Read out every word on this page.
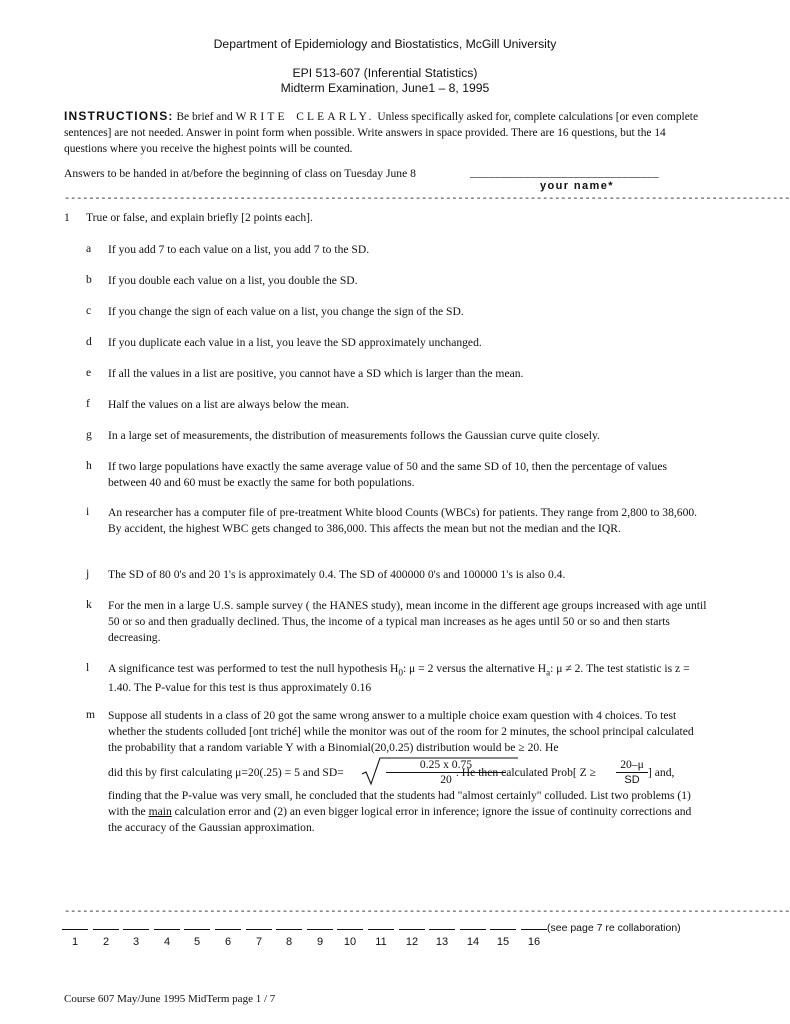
Department of Epidemiology and Biostatistics, McGill University
EPI 513-607 (Inferential Statistics)
Midterm Examination, June1 – 8, 1995
INSTRUCTIONS: Be brief and WRITE CLEARLY. Unless specifically asked for, complete calculations [or even complete sentences] are not needed. Answer in point form when possible. Write answers in space provided. There are 16 questions, but the 14 questions where you receive the highest points will be counted.
Answers to be handed in at/before the beginning of class on Tuesday June 8	_______________________________
your name*
------------------------------------------------------------------------------------------------------------------------
1 True or false, and explain briefly [2 points each].
a If you add 7 to each value on a list, you add 7 to the SD.
b If you double each value on a list, you double the SD.
c If you change the sign of each value on a list, you change the sign of the SD.
d If you duplicate each value in a list, you leave the SD approximately unchanged.
e If all the values in a list are positive, you cannot have a SD which is larger than the mean.
f Half the values on a list are always below the mean.
g In a large set of measurements, the distribution of measurements follows the Gaussian curve quite closely.
h If two large populations have exactly the same average value of 50 and the same SD of 10, then the percentage of values between 40 and 60 must be exactly the same for both populations.
i An researcher has a computer file of pre-treatment White blood Counts (WBCs) for patients. They range from 2,800 to 38,600. By accident, the highest WBC gets changed to 386,000. This affects the mean but not the median and the IQR.
j The SD of 80 0's and 20 1's is approximately 0.4. The SD of 400000 0's and 100000 1's is also 0.4.
k For the men in a large U.S. sample survey ( the HANES study), mean income in the different age groups increased with age until 50 or so and then gradually declined. Thus, the income of a typical man increases as he ages until 50 or so and then starts decreasing.
l A significance test was performed to test the null hypothesis $H_0$: μ = 2 versus the alternative $H_a$: μ ≠ 2. The test statistic is z = 1.40. The P-value for this test is thus approximately 0.16
m Suppose all students in a class of 20 got the same wrong answer to a multiple choice exam question with 4 choices. To test whether the students colluded [ont triché] while the monitor was out of the room for 2 minutes, the school principal calculated the probability that a random variable Y with a Binomial(20,0.25) distribution would be ≥ 20. He
did this by first calculating μ=20(.25) = 5 and SD=	$\frac{0.25 x 0.75}{20}$
. He then calculated Prob[ $Z \ge \frac{20-\mu}{SD}$ ] and,
finding that the P-value was very small, he concluded that the students had "almost certainly" colluded. List two problems (1) with the main calculation error and (2) an even bigger logical error in inference; ignore the issue of continuity corrections and the accuracy of the Gaussian approximation.
------------------------------------------------------------------------------------------------------------------------
1	2	3	4	5	6	7	8	9	10	11	12	13	14	15	16
(see page 7 re collaboration)
Course 607 May/June 1995 MidTerm page 1 / 7
